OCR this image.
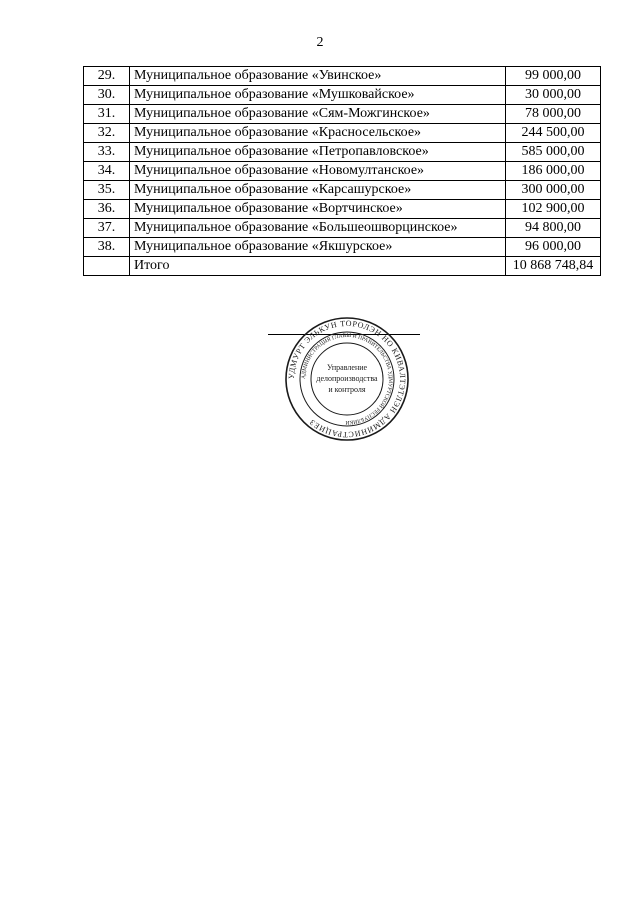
2
29.	Муниципальное образование «Увинское»	99 000,00
30.	Муниципальное образование «Мушковайское»	30 000,00
31.	Муниципальное образование «Сям-Можгинское»	78 000,00
32.	Муниципальное образование «Красносельское»	244 500,00
33.	Муниципальное образование «Петропавловское»	585 000,00
34.	Муниципальное образование «Новомултанское»	186 000,00
35.	Муниципальное образование «Карсашурское»	300 000,00
36.	Муниципальное образование «Вортчинское»	102 900,00
37.	Муниципальное образование «Большеошворцинское»	94 800,00
38.	Муниципальное образование «Якшурское»	96 000,00
	Итого	10 868 748,84
УДМУРТ ЭЛЬКУН ТОРОЛЭН НО КИВАЛТЭТЛЭН АДМИНИСТРАЦИЕЗ
АДМИНИСТРАЦИЯ ГЛАВЫ И ПРАВИТЕЛЬСТВА УДМУРТСКОЙ РЕСПУБЛИКИ
Управление
делопроизводства
и контроля
